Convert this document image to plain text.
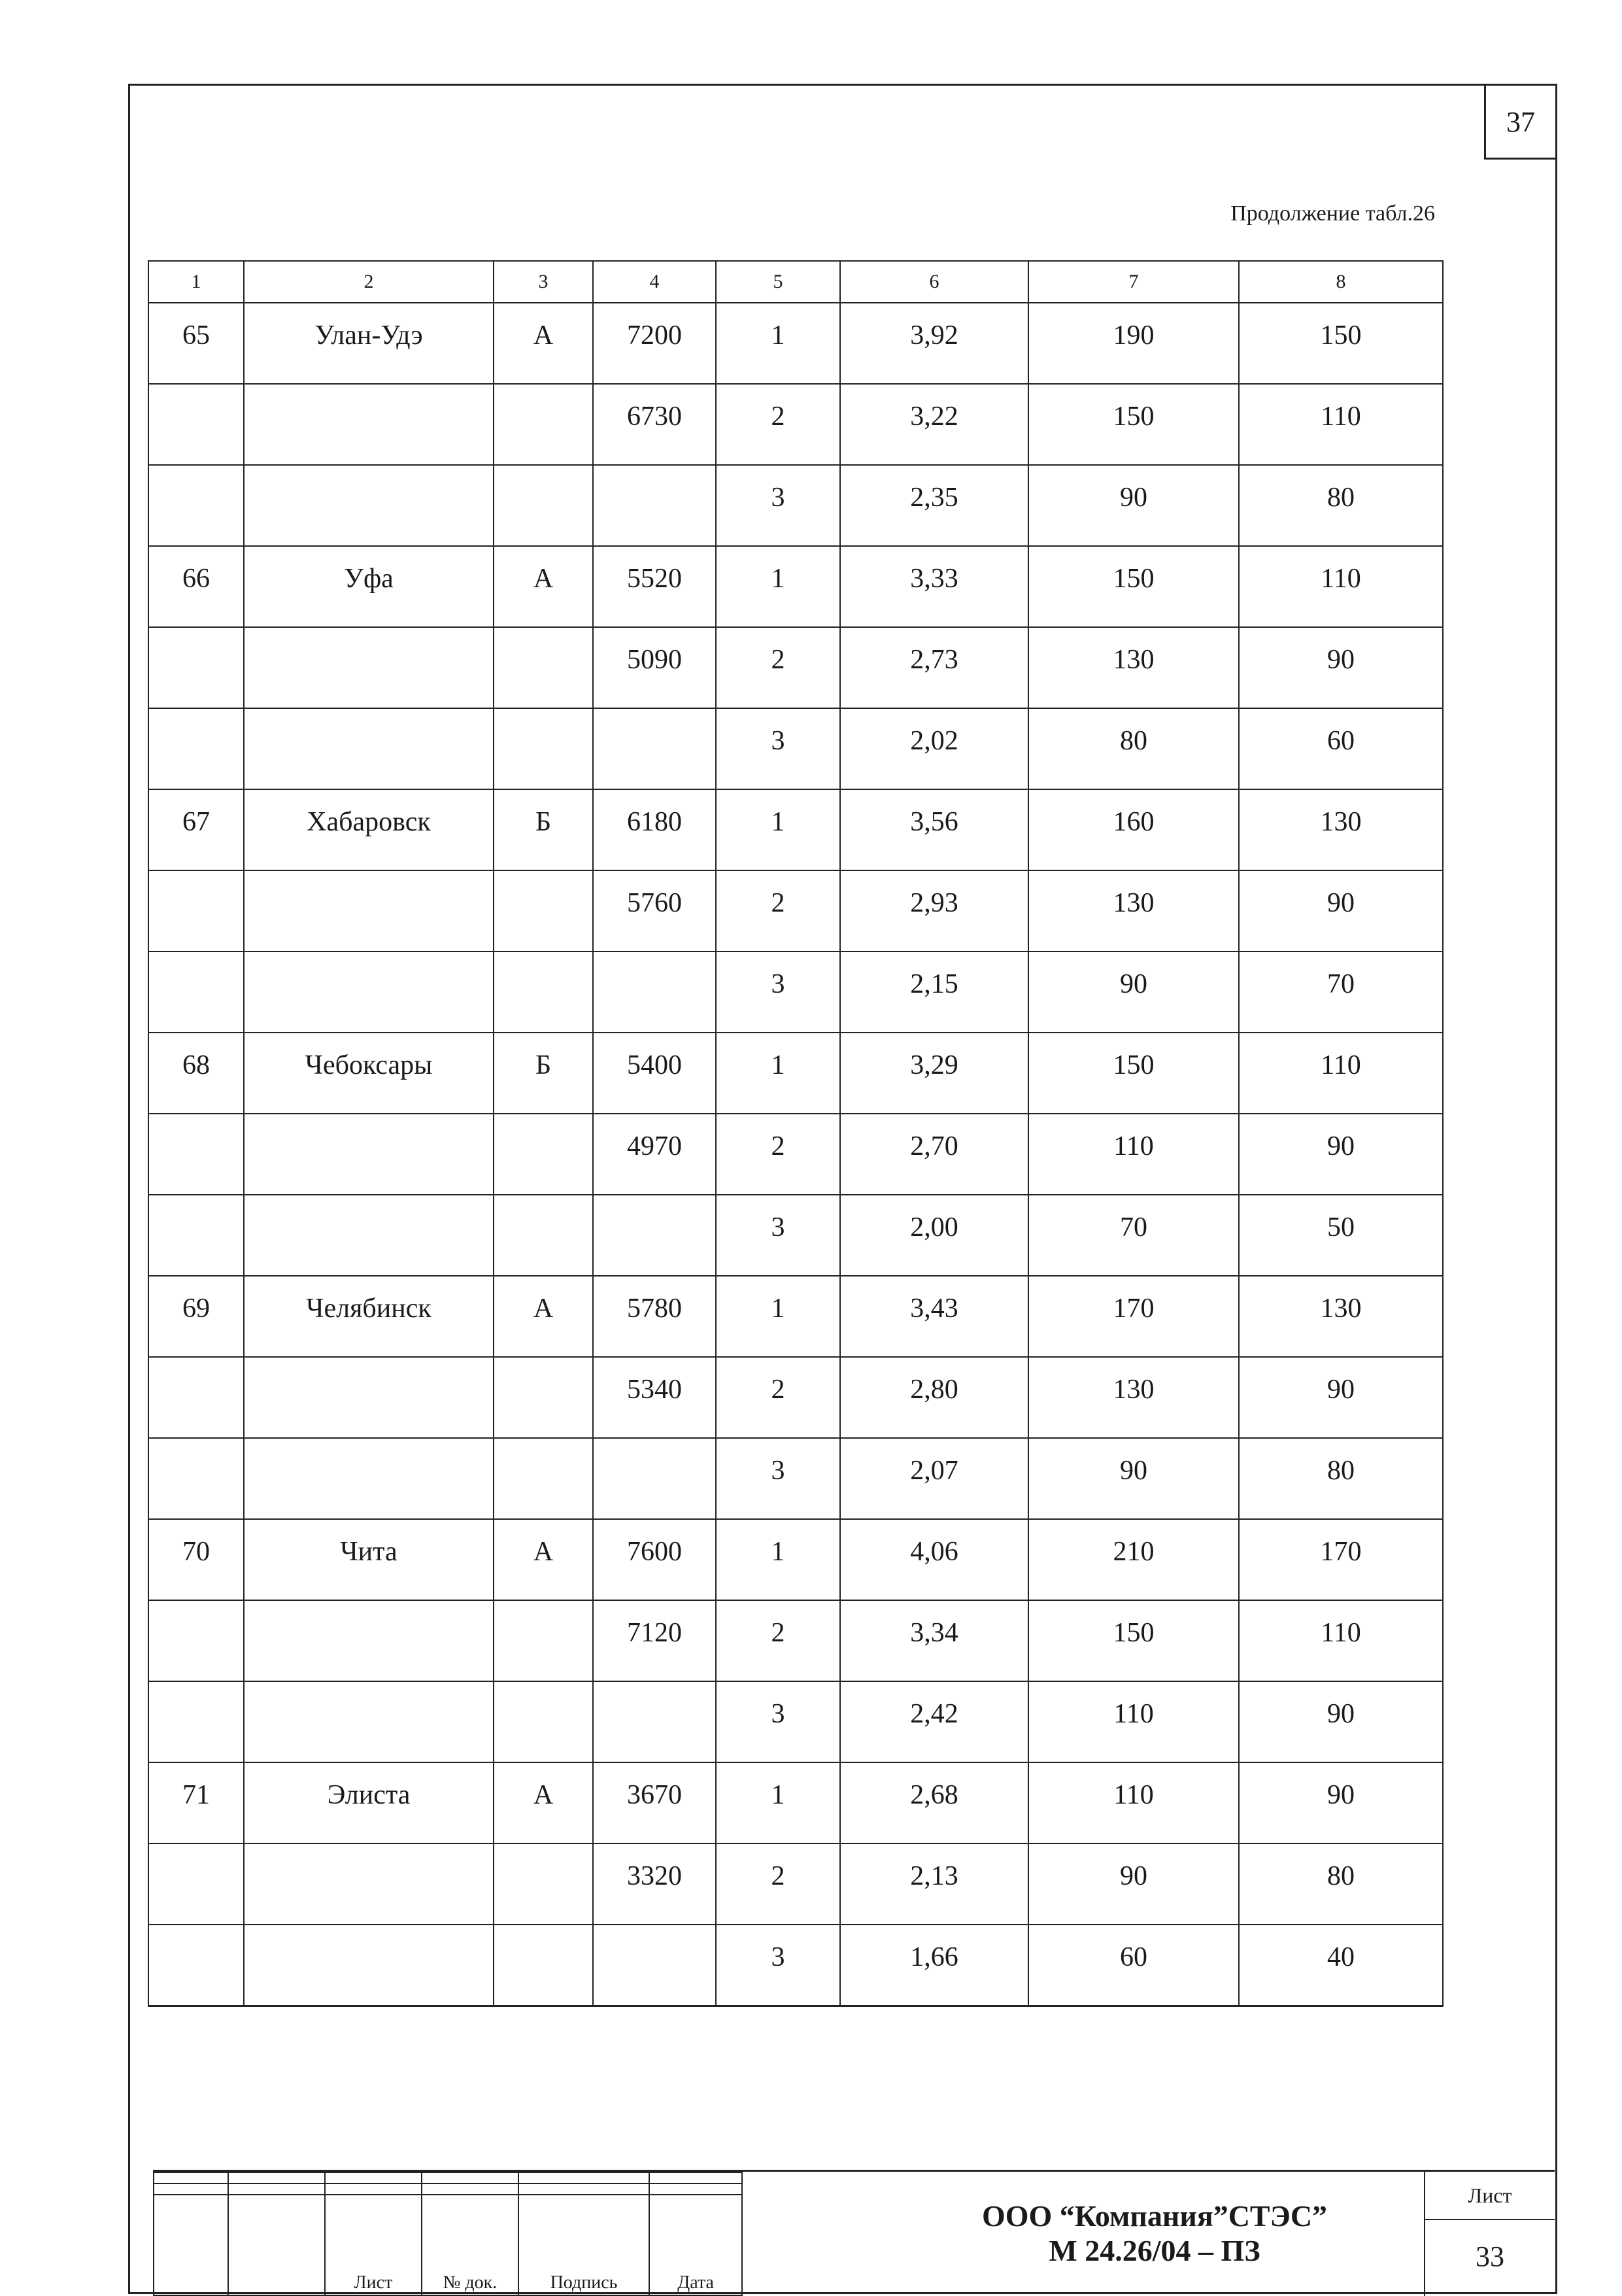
37
Продолжение табл.26
1	2	3	4	5	6	7	8
65	Улан-Удэ	А	7200	1	3,92	190	150
			6730	2	3,22	150	110
				3	2,35	90	80
66	Уфа	А	5520	1	3,33	150	110
			5090	2	2,73	130	90
				3	2,02	80	60
67	Хабаровск	Б	6180	1	3,56	160	130
			5760	2	2,93	130	90
				3	2,15	90	70
68	Чебоксары	Б	5400	1	3,29	150	110
			4970	2	2,70	110	90
				3	2,00	70	50
69	Челябинск	А	5780	1	3,43	170	130
			5340	2	2,80	130	90
				3	2,07	90	80
70	Чита	А	7600	1	4,06	210	170
			7120	2	3,34	150	110
				3	2,42	110	90
71	Элиста	А	3670	1	2,68	110	90
			3320	2	2,13	90	80
				3	1,66	60	40

		Лист	№ док.	Подпись	Дата
ООО “Компания”СТЭС”
М 24.26/04 – ПЗ
Лист
33
